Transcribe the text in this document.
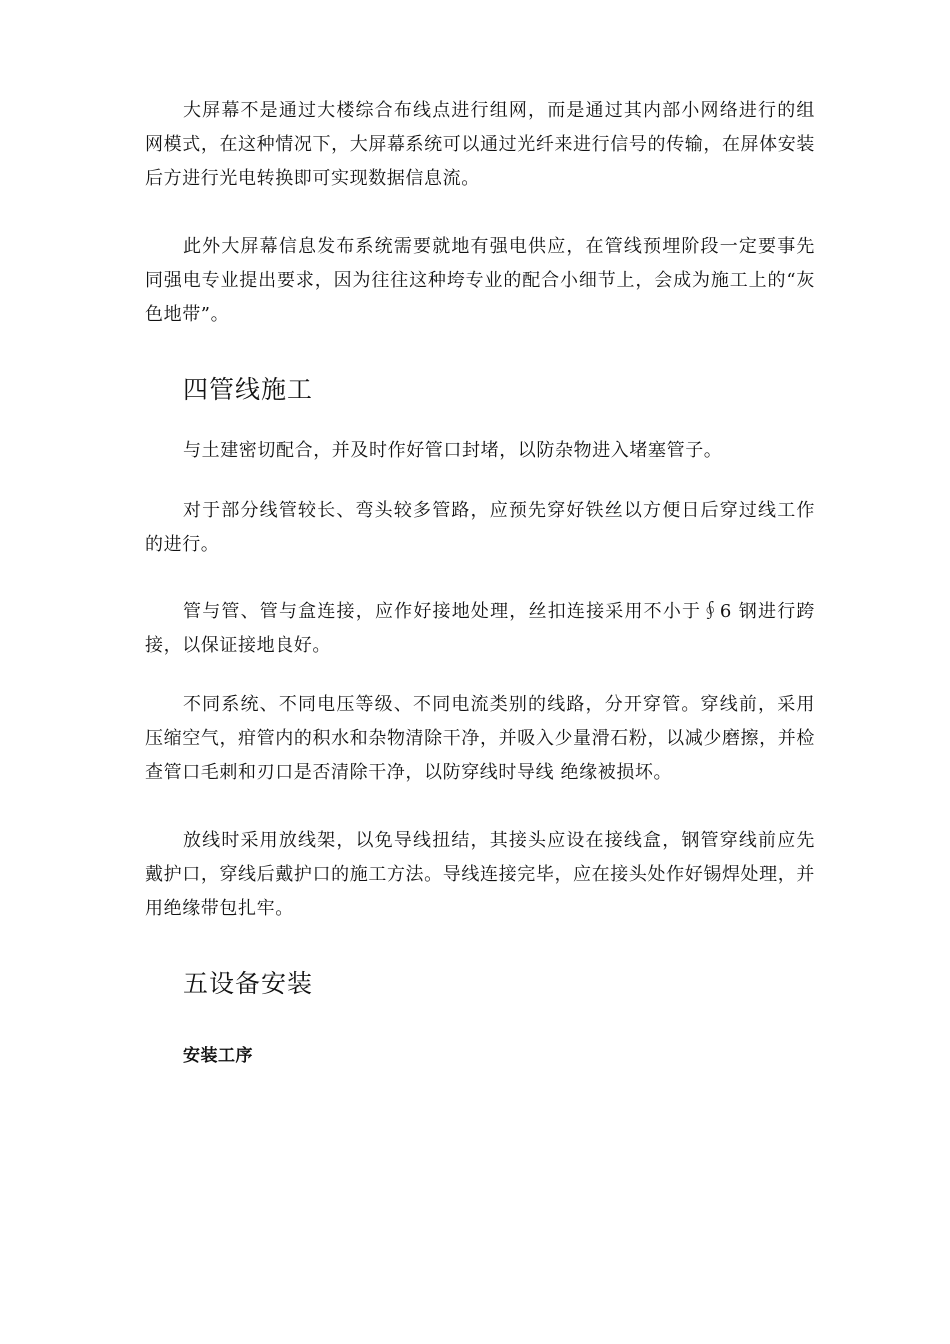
大屏幕不是通过大楼综合布线点进行组网，而是通过其内部小网络进行的组网模式，在这种情况下，大屏幕系统可以通过光纤来进行信号的传输，在屏体安装后方进行光电转换即可实现数据信息流。

此外大屏幕信息发布系统需要就地有强电供应，在管线预埋阶段一定要事先同强电专业提出要求，因为往往这种垮专业的配合小细节上，会成为施工上的“灰色地带”。

四管线施工

与土建密切配合，并及时作好管口封堵，以防杂物进入堵塞管子。

对于部分线管较长、弯头较多管路，应预先穿好铁丝以方便日后穿过线工作的进行。

管与管、管与盒连接，应作好接地处理，丝扣连接采用不小于∮6 钢进行跨接，以保证接地良好。

不同系统、不同电压等级、不同电流类别的线路，分开穿管。穿线前，采用压缩空气，疳管内的积水和杂物清除干净，并吸入少量滑石粉，以减少磨擦，并检查管口毛刺和刃口是否清除干净，以防穿线时导线 绝缘被损坏。

放线时采用放线架，以免导线扭结，其接头应设在接线盒，钢管穿线前应先戴护口，穿线后戴护口的施工方法。导线连接完毕，应在接头处作好锡焊处理，并用绝缘带包扎牢。

五设备安装
安装工序
